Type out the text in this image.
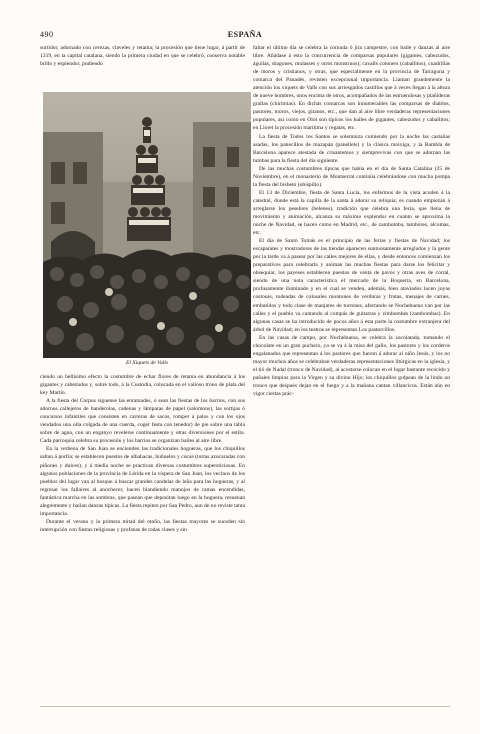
490	ESPAÑA

surtidor, adornado con cerezas, claveles y retama; la procesión que tiene lugar, á partir de 1319, en la capital catalana, siendo la primera ciudad en que se celebró, conserva notable brillo y esplendor, pudiendo

El Xiquets de Valls

ciendo un bellísimo efecto la costumbre de echar flores de retama en abundancia á los gigantes y cabezudos y, sobre todo, á la Custodia, colocada en el valioso trono de plata del key Martín.

A la fiesta del Corpus síguense las enramades, ó sean las fiestas de los barrios, con sus adornos callejeros de banderolas, cadenas y lámparas de papel (salomons), las sortijas ó concursos infantiles que consisten en carreras de sacos, romper á palos y con los ojos vendados una olla colgada de una cuerda, coger festa con tenedor) de pie sobre una tabla sobre de agua, con un enganyo revelerse continuamente y otras diversiones por el estilo. Cada parroquia celebra su procesión y los barrios se organizan bailes al aire libre.

En la verbena de San Juan se encienden las tradicionales hogueras, que los chiquillos saltan á porfía; se establecen puestos de albahacas, buñuelos y cocas (tortas azucaradas con piñones y dulces), y á media noche se practican diversas costumbres supersticiosas. En algunos poblaciones de la provincia de Lérida en la víspera de San Juan, los vecinos de los pueblos del lugar van al bosque á buscar grandes candelas de leña para las hogueras, y al regresar los fallaires al anochecer, hacen blandiendo manojos de ramas encendidas, fantástica marcha en las sombras, que pasean que depositan luego en la hoguera, resuenan alegremente y bailan danzas típicas. La fiesta repiten por San Pedro, aun de no reviste tanta importancia.

Durante el verano y la primera mitad del otoño, las fiestas mayores se suceden sin interrupción con fiestas religiosas y profanas de todas clases y sin

faltar el último día se celebra la cornuda ó jira campestre, con baile y danzas al aire libre. Añádase á esto la concurrencia de comparsas populares (gigantes, cabezudos, águilas, dragones, mulasses y otros monstruos); cavalls cotoners (caballitos), cuadrillas de moros y cristianos, y otras, que especialmente en la provincia de Tarragona y comarca del Panadés, revisten excepcional importancia. Llaman grandemente la atención los xiquets de Valls con sus arriesgados castillos que á veces llegan á la altura de nueve hombres, unos encima de otros, acompañados de las estruendosas y plañideras grallas (chirimías). En dichas comarcas son innumerables las comparsas de diablos, pastores, moros, viejos, gitanos, etc., que dan al aire libre verdaderas representaciones populares, así como en Olot son típicos los bailes de gigantes, cabezudos y caballitos; en Lloret la procesión marítima y regatas, etc.

La fiesta de Todos los Santos se solemniza comiendo por la noche las castañas asadas, los panecillos de mazapán (panellets) y la clásica moixiga, y la Rambla de Barcelona aparece atestada de crisantemos y siemprevivas con que se adornan las tumbas para la fiesta del día siguiente.

De las muchas costumbres típicas que había en el día de Santa Catalina (25 de Noviembre), en el monasterio de Montserrat continúa celebrándose con mucha pompa la fiesta del bisbetó (obispillo).

El 13 de Diciembre, fiesta de Santa Lucía, los enfermos de la vista acuden á la catedral, donde está la capilla de la santa á adorar su reliquia; es cuando empiezan á arreglarse los pesebres (belenes), tradición que celebra una feria, que llena de movimiento y animación, alcanza su máximo explendor en cuanto se aproxima la noche de Navidad, se hacen como en Madrid, etc., de zambomba, tambores, alcomas, etc.

El día de Santo Tomás es el principio de las ferias y fiestas de Navidad; los escaparates y mostradores de las tiendas aparecen suntuosamente arreglados y la gente por la tarde va á pasear por las calles mejores de ellas, y desde entonces comienzan los preparativos para celebrarla y animan las muchas fiestas para darse los felicitar y obsequiar, los payeses establecen puestos de venta de pavos y otras aves de corral, siendo de una nota característica el mercado de la Boquería, en Barcelona, profusamente iluminado y en el cual se venden, además, bien ataviados lucen joyas costosas, rodeadas de colosales montones de verduras y frutas, menajes de carnes, embutidos y todo clase de manjares de turrones, afectando se Nochebuena van por las calles y el pueblo va cantando al compás de guitarras y zimbombes (zambombas). En algunas casas se ha introducido de pocos años á esta parte la costumbre extranjera del árbol de Navidad; en los teatros se representan Los pastorcillos.

En las casas de campo, por Nochebuena, se celebra la socolatada, tomando el chocolate en un gran puchero, ya se va á la misa del gallo, los pastores y los corderos engalanados que representan á los pastores que fueron á adorar al niño Jesús, y los no mayor muchos años se celebraban verdaderas representaciones litúrgicas en la iglesia, y el tió de Nadal (tronco de Navidad), al acostarse colocan en el lugar bastante recocido y pañales limpios para la Virgen y su divino Hijo; los chiquillos golpean de la lindo un tronco que después dejan en el fuego y a la mañana cantan villancicos. Están aún en vigor ciertas prác-
